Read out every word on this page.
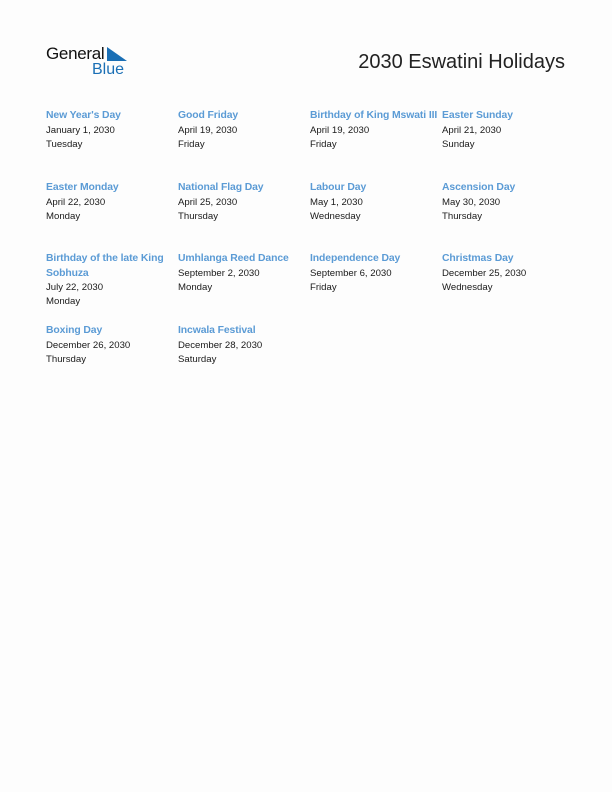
General
Blue	2030 Eswatini Holidays
New Year's Day
January 1, 2030
Tuesday
Good Friday
April 19, 2030
Friday
Birthday of King Mswati III
April 19, 2030
Friday
Easter Sunday
April 21, 2030
Sunday
Easter Monday
April 22, 2030
Monday
National Flag Day
April 25, 2030
Thursday
Labour Day
May 1, 2030
Wednesday
Ascension Day
May 30, 2030
Thursday
Birthday of the late King Sobhuza
July 22, 2030
Monday
Umhlanga Reed Dance
September 2, 2030
Monday
Independence Day
September 6, 2030
Friday
Christmas Day
December 25, 2030
Wednesday
Boxing Day
December 26, 2030
Thursday
Incwala Festival
December 28, 2030
Saturday
